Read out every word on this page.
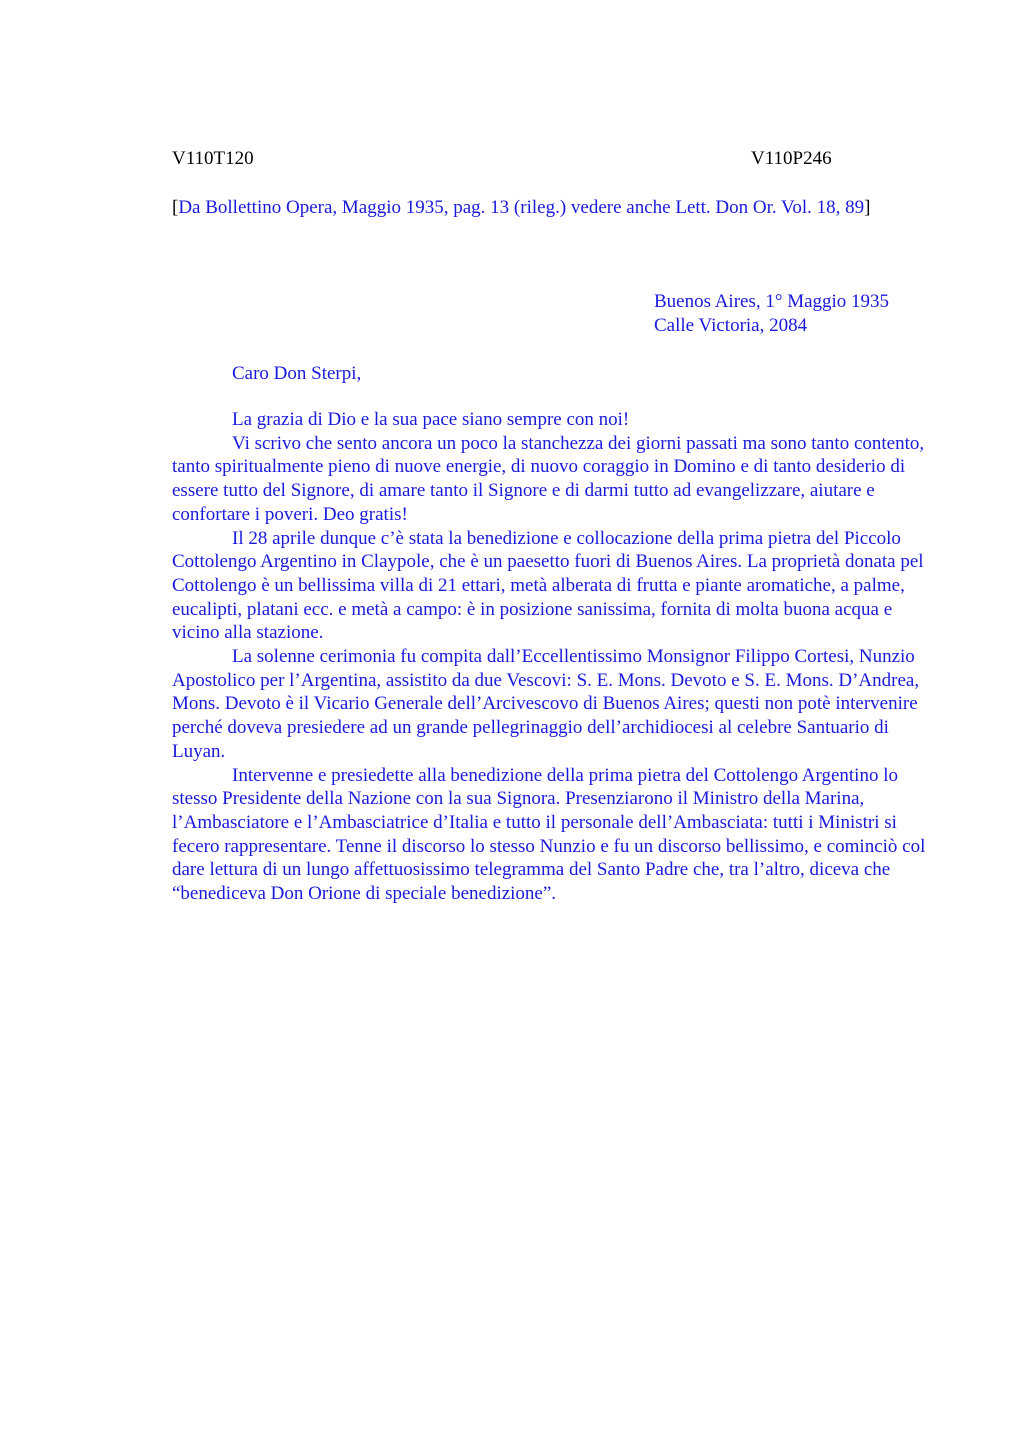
V110T120	V110P246
[Da Bollettino Opera, Maggio 1935, pag. 13 (rileg.) vedere anche Lett. Don Or. Vol. 18, 89]
Buenos Aires, 1° Maggio 1935
Calle Victoria, 2084
Caro Don Sterpi,

La grazia di Dio e la sua pace siano sempre con noi!

Vi scrivo che sento ancora un poco la stanchezza dei giorni passati ma sono tanto contento, tanto spiritualmente pieno di nuove energie, di nuovo coraggio in Domino e di tanto desiderio di essere tutto del Signore, di amare tanto il Signore e di darmi tutto ad evangelizzare, aiutare e confortare i poveri. Deo gratis!

Il 28 aprile dunque c’è stata la benedizione e collocazione della prima pietra del Piccolo Cottolengo Argentino in Claypole, che è un paesetto fuori di Buenos Aires. La proprietà donata pel Cottolengo è un bellissima villa di 21 ettari, metà alberata di frutta e piante aromatiche, a palme, eucalipti, platani ecc. e metà a campo: è in posizione sanissima, fornita di molta buona acqua e vicino alla stazione.

La solenne cerimonia fu compita dall’Eccellentissimo Monsignor Filippo Cortesi, Nunzio Apostolico per l’Argentina, assistito da due Vescovi: S. E. Mons. Devoto e S. E. Mons. D’Andrea, Mons. Devoto è il Vicario Generale dell’Arcivescovo di Buenos Aires; questi non potè intervenire perché doveva presiedere ad un grande pellegrinaggio dell’archidiocesi al celebre Santuario di Luyan.

Intervenne e presiedette alla benedizione della prima pietra del Cottolengo Argentino lo stesso Presidente della Nazione con la sua Signora. Presenziarono il Ministro della Marina, l’Ambasciatore e l’Ambasciatrice d’Italia e tutto il personale dell’Ambasciata: tutti i Ministri si fecero rappresentare. Tenne il discorso lo stesso Nunzio e fu un discorso bellissimo, e cominciò col dare lettura di un lungo affettuosissimo telegramma del Santo Padre che, tra l’altro, diceva che “benediceva Don Orione di speciale benedizione”.
